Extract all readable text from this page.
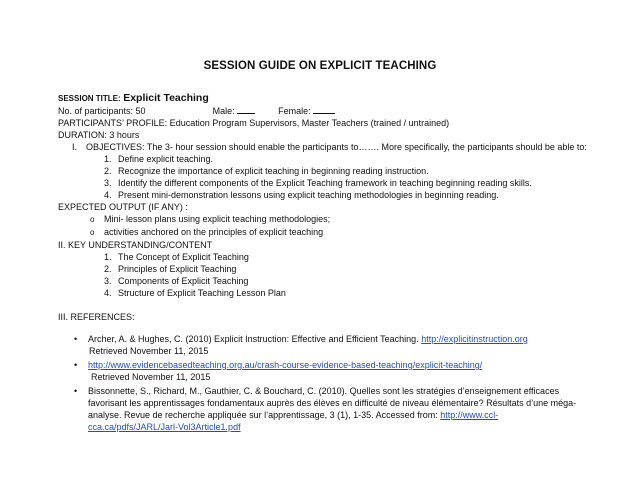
SESSION GUIDE ON EXPLICIT TEACHING
SESSION TITLE: Explicit Teaching
No. of participants: 50	Male:	Female:
PARTICIPANTS’ PROFILE: Education Program Supervisors, Master Teachers (trained / untrained)
DURATION: 3 hours
I. OBJECTIVES: The 3- hour session should enable the participants to……. More specifically, the participants should be able to:
1. Define explicit teaching.
2. Recognize the importance of explicit teaching in beginning reading instruction.
3. Identify the different components of the Explicit Teaching framework in teaching beginning reading skills.
4. Present mini-demonstration lessons using explicit teaching methodologies in beginning reading.
EXPECTED OUTPUT (IF ANY) :
o Mini- lesson plans using explicit teaching methodologies;
o activities anchored on the principles of explicit teaching
II. KEY UNDERSTANDING/CONTENT
1. The Concept of Explicit Teaching
2. Principles of Explicit Teaching
3. Components of Explicit Teaching
4. Structure of Explicit Teaching Lesson Plan
III. REFERENCES:
• Archer, A. & Hughes, C. (2010) Explicit Instruction: Effective and Efficient Teaching. http://explicitinstruction.org
Retrieved November 11, 2015
• http://www.evidencebasedteaching.org.au/crash-course-evidence-based-teaching/explicit-teaching/
Retrieved November 11, 2015
• Bissonnette, S., Richard, M., Gauthier, C. & Bouchard, C. (2010). Quelles sont les stratégies d’enseignement efficaces favorisant les apprentissages fondamentaux auprès des élèves en difficulté de niveau élémentaire? Résultats d’une méga-analyse. Revue de recherche appliquée sur l’apprentissage, 3 (1), 1-35. Accessed from: http://www.ccl-cca.ca/pdfs/JARL/Jarl-Vol3Article1.pdf
